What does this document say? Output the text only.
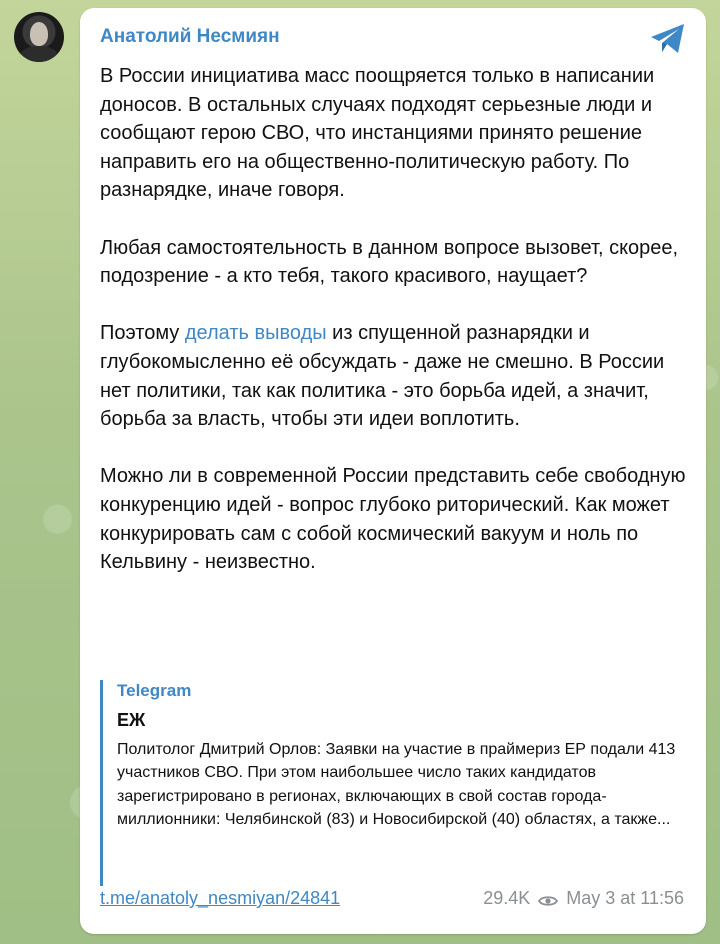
Анатолий Несмиян

В России инициатива масс поощряется только в написании доносов. В остальных случаях подходят серьезные люди и сообщают герою СВО, что инстанциями принято решение направить его на общественно-политическую работу. По разнарядке, иначе говоря.

Любая самостоятельность в данном вопросе вызовет, скорее, подозрение - а кто тебя, такого красивого, наущает?

Поэтому делать выводы из спущенной разнарядки и глубокомысленно её обсуждать - даже не смешно. В России нет политики, так как политика - это борьба идей, а значит, борьба за власть, чтобы эти идеи воплотить.

Можно ли в современной России представить себе свободную конкуренцию идей - вопрос глубоко риторический. Как может конкурировать сам с собой космический вакуум и ноль по Кельвину - неизвестно.

Telegram
ЕЖ
Политолог Дмитрий Орлов: Заявки на участие в праймериз ЕР подали 413 участников СВО. При этом наибольшее число таких кандидатов зарегистрировано в регионах, включающих в свой состав города-миллионники: Челябинской (83) и Новосибирской (40) областях, а также...
t.me/anatoly_nesmiyan/24841	29.4K May 3 at 11:56
